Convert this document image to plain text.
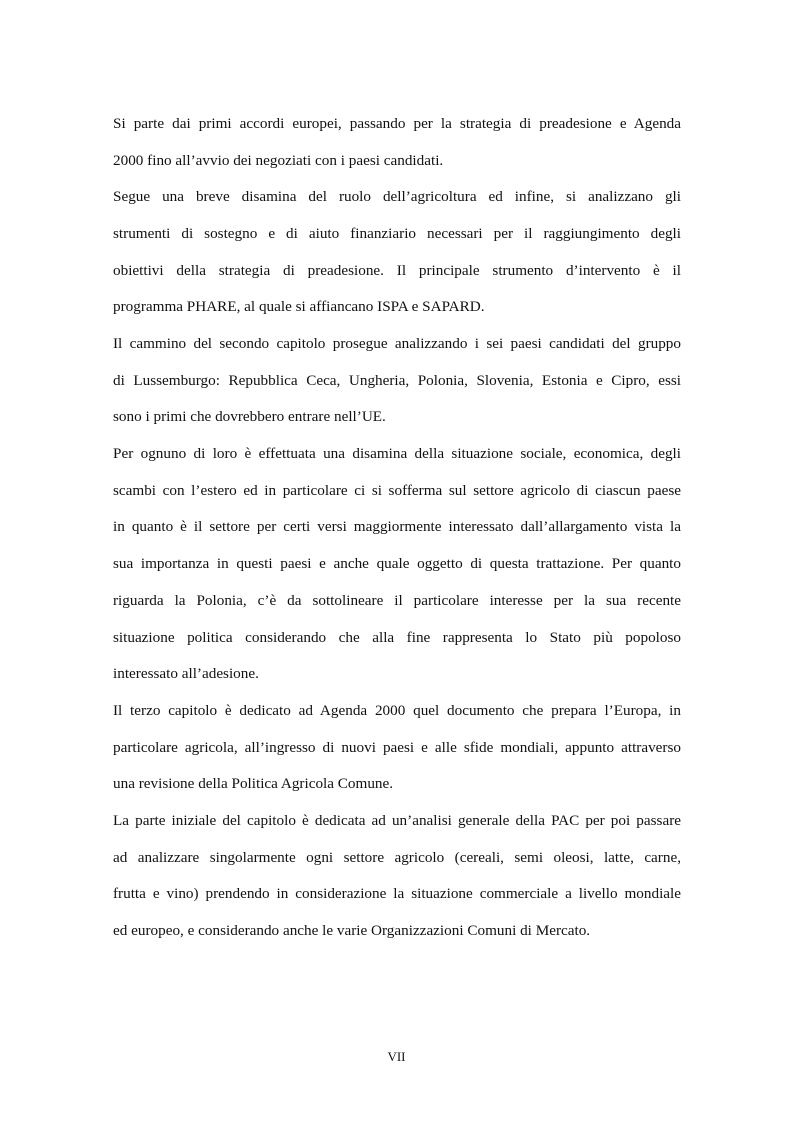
Si parte dai primi accordi europei, passando per la strategia di preadesione e Agenda
2000 fino all’avvio dei negoziati con i paesi candidati.
Segue una breve disamina del ruolo dell’agricoltura ed infine, si analizzano gli
strumenti di sostegno e di aiuto finanziario necessari per il raggiungimento degli
obiettivi della strategia di preadesione. Il principale strumento d’intervento è il
programma PHARE, al quale si affiancano ISPA e SAPARD.
Il cammino del secondo capitolo prosegue analizzando i sei paesi candidati del gruppo
di Lussemburgo: Repubblica Ceca, Ungheria, Polonia, Slovenia, Estonia e Cipro, essi
sono i primi che dovrebbero entrare nell’UE.
Per ognuno di loro è effettuata una disamina della situazione sociale, economica, degli
scambi con l’estero ed in particolare ci si sofferma sul settore agricolo di ciascun paese
in quanto è il settore per certi versi maggiormente interessato dall’allargamento vista la
sua importanza in questi paesi e anche quale oggetto di questa trattazione. Per quanto
riguarda la Polonia, c’è da sottolineare il particolare interesse per la sua recente
situazione politica considerando che alla fine rappresenta lo Stato più popoloso
interessato all’adesione.
Il terzo capitolo è dedicato ad Agenda 2000 quel documento che prepara l’Europa, in
particolare agricola, all’ingresso di nuovi paesi e alle sfide mondiali, appunto attraverso
una revisione della Politica Agricola Comune.
La parte iniziale del capitolo è dedicata ad un’analisi generale della PAC per poi passare
ad analizzare singolarmente ogni settore agricolo (cereali, semi oleosi, latte, carne,
frutta e vino) prendendo in considerazione la situazione commerciale a livello mondiale
ed europeo, e considerando anche le varie Organizzazioni Comuni di Mercato.
VII
